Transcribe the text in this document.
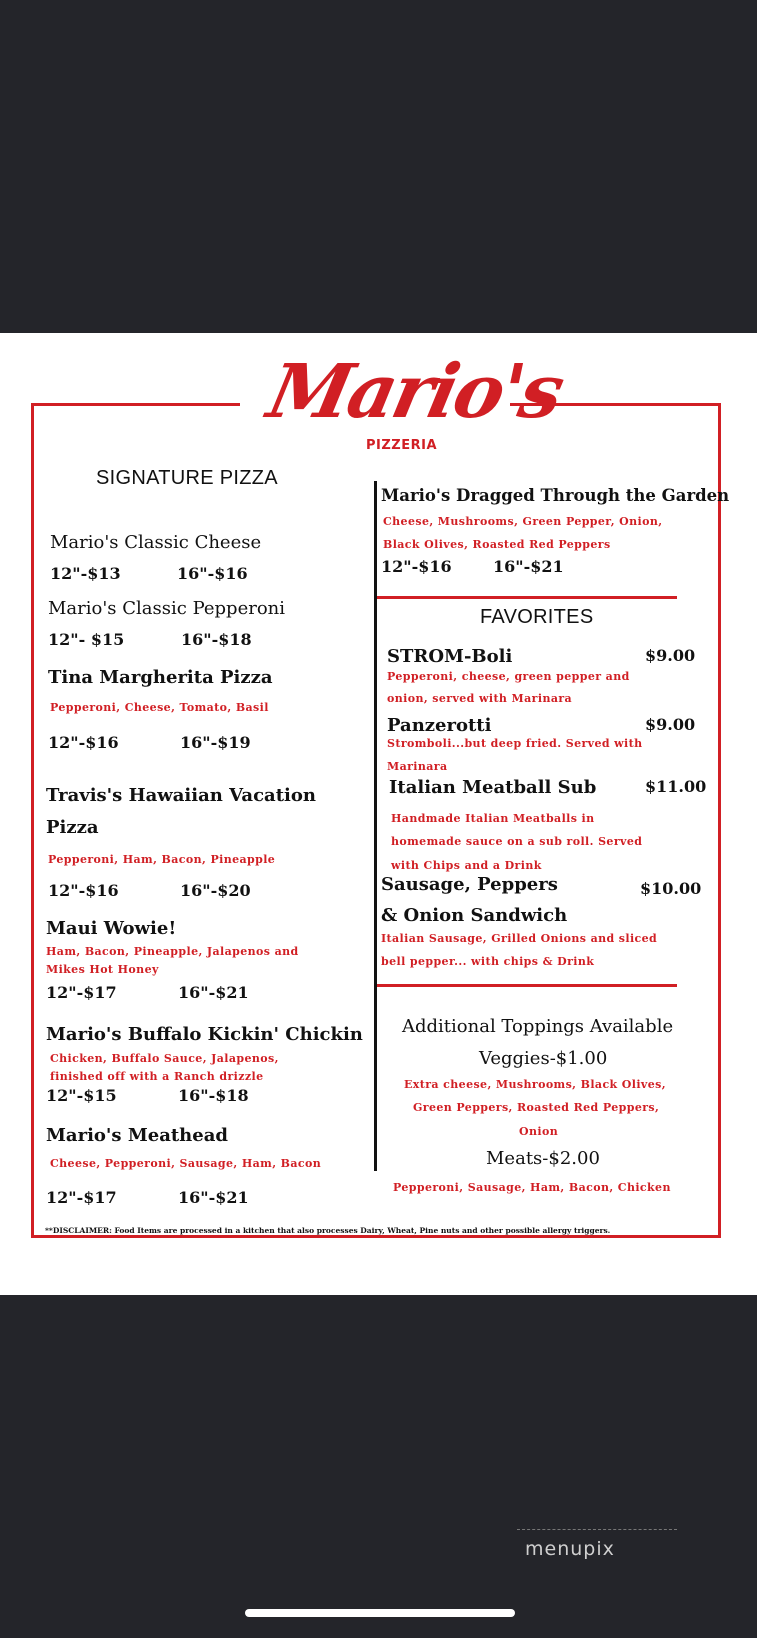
Mario's
PIZZERIA
SIGNATURE PIZZA
Mario's Classic Cheese
12"-$13	16"-$16
Mario's Classic Pepperoni
12"- $15	16"-$18
Tina Margherita Pizza
Pepperoni, Cheese, Tomato, Basil
12"-$16	16"-$19
Travis's Hawaiian Vacation
Pizza
Pepperoni, Ham, Bacon, Pineapple
12"-$16	16"-$20
Maui Wowie!
Ham, Bacon, Pineapple, Jalapenos and
Mikes Hot Honey
12"-$17	16"-$21
Mario's Buffalo Kickin' Chickin
Chicken, Buffalo Sauce, Jalapenos,
finished off with a Ranch drizzle
12"-$15	16"-$18
Mario's Meathead
Cheese, Pepperoni, Sausage, Ham, Bacon
12"-$17	16"-$21
Mario's Dragged Through the Garden
Cheese, Mushrooms, Green Pepper, Onion,
Black Olives, Roasted Red Peppers
12"-$16	16"-$21
FAVORITES
STROM-Boli	$9.00
Pepperoni, cheese, green pepper and
onion, served with Marinara
Panzerotti	$9.00
Stromboli...but deep fried. Served with
Marinara
Italian Meatball Sub	$11.00
Handmade Italian Meatballs in
homemade sauce on a sub roll. Served
with Chips and a Drink
Sausage, Peppers
& Onion Sandwich
$10.00
Italian Sausage, Grilled Onions and sliced
bell pepper... with chips & Drink
Additional Toppings Available
Veggies-$1.00
Extra cheese, Mushrooms, Black Olives,
Green Peppers, Roasted Red Peppers,
Onion
Meats-$2.00
Pepperoni, Sausage, Ham, Bacon, Chicken
**DISCLAIMER: Food Items are processed in a kitchen that also processes Dairy, Wheat, Pine nuts and other possible allergy triggers.
menupix
